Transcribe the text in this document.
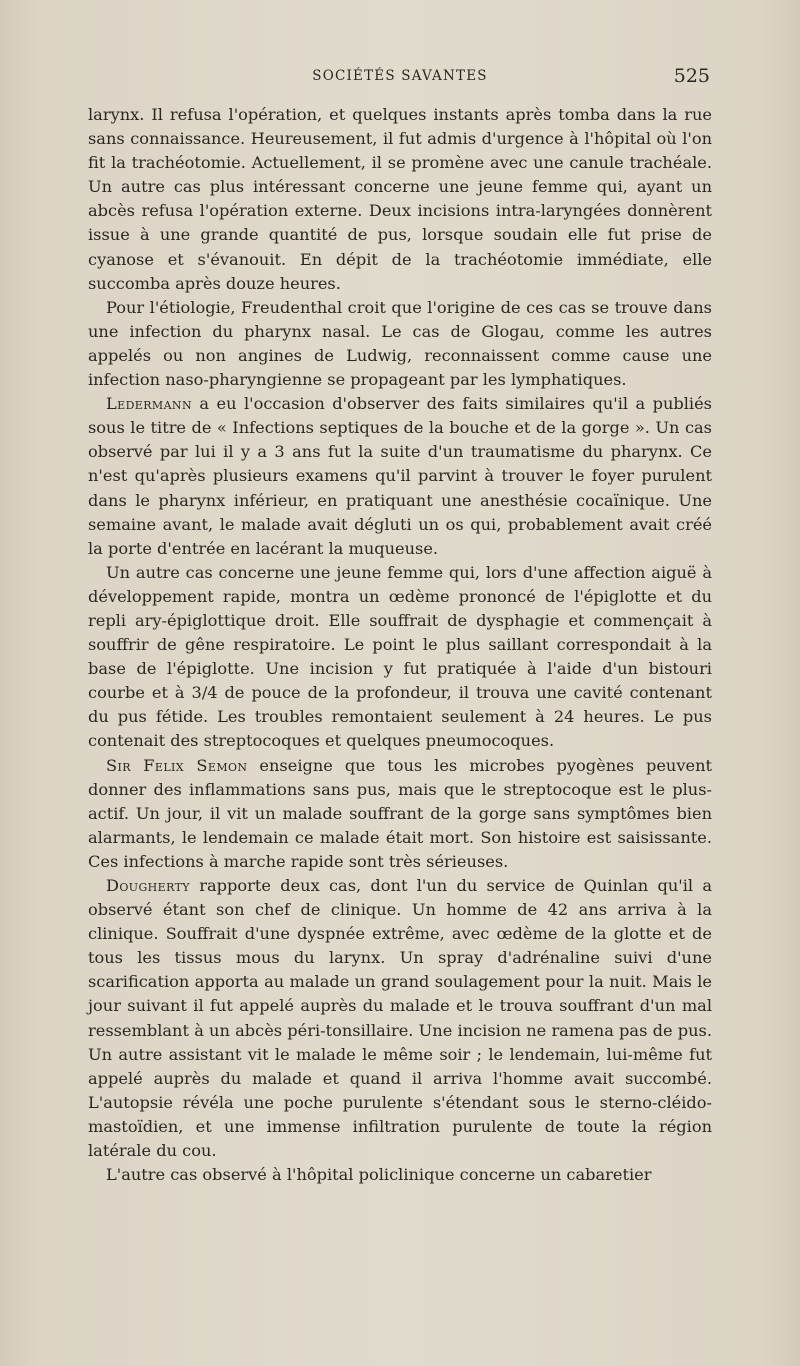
SOCIÉTÉS SAVANTES	525

larynx. Il refusa l'opération, et quelques instants après tomba dans la rue sans connaissance. Heureusement, il fut admis d'urgence à l'hôpital où l'on fit la trachéotomie. Actuellement, il se promène avec une canule trachéale. Un autre cas plus intéressant concerne une jeune femme qui, ayant un abcès refusa l'opération externe. Deux incisions intra-laryngées donnèrent issue à une grande quantité de pus, lorsque soudain elle fut prise de cyanose et s'évanouit. En dépit de la trachéotomie immédiate, elle succomba après douze heures.

Pour l'étiologie, Freudenthal croit que l'origine de ces cas se trouve dans une infection du pharynx nasal. Le cas de Glogau, comme les autres appelés ou non angines de Ludwig, reconnaissent comme cause une infection naso-pharyngienne se propageant par les lymphatiques.

Ledermann a eu l'occasion d'observer des faits similaires qu'il a publiés sous le titre de « Infections septiques de la bouche et de la gorge ». Un cas observé par lui il y a 3 ans fut la suite d'un traumatisme du pharynx. Ce n'est qu'après plusieurs examens qu'il parvint à trouver le foyer purulent dans le pharynx inférieur, en pratiquant une anesthésie cocaïnique. Une semaine avant, le malade avait dégluti un os qui, probablement avait créé la porte d'entrée en lacérant la muqueuse.

Un autre cas concerne une jeune femme qui, lors d'une affection aiguë à développement rapide, montra un œdème prononcé de l'épiglotte et du repli ary-épiglottique droit. Elle souffrait de dysphagie et commençait à souffrir de gêne respiratoire. Le point le plus saillant correspondait à la base de l'épiglotte. Une incision y fut pratiquée à l'aide d'un bistouri courbe et à 3/4 de pouce de la profondeur, il trouva une cavité contenant du pus fétide. Les troubles remontaient seulement à 24 heures. Le pus contenait des streptocoques et quelques pneumocoques.

Sir Felix Semon enseigne que tous les microbes pyogènes peuvent donner des inflammations sans pus, mais que le streptocoque est le plus-actif. Un jour, il vit un malade souffrant de la gorge sans symptômes bien alarmants, le lendemain ce malade était mort. Son histoire est saisissante. Ces infections à marche rapide sont très sérieuses.

Dougherty rapporte deux cas, dont l'un du service de Quinlan qu'il a observé étant son chef de clinique. Un homme de 42 ans arriva à la clinique. Souffrait d'une dyspnée extrême, avec œdème de la glotte et de tous les tissus mous du larynx. Un spray d'adrénaline suivi d'une scarification apporta au malade un grand soulagement pour la nuit. Mais le jour suivant il fut appelé auprès du malade et le trouva souffrant d'un mal ressemblant à un abcès péri-tonsillaire. Une incision ne ramena pas de pus. Un autre assistant vit le malade le même soir ; le lendemain, lui-même fut appelé auprès du malade et quand il arriva l'homme avait succombé. L'autopsie révéla une poche purulente s'étendant sous le sterno-cléido-mastoïdien, et une immense infiltration purulente de toute la région latérale du cou.

L'autre cas observé à l'hôpital policlinique concerne un cabaretier
